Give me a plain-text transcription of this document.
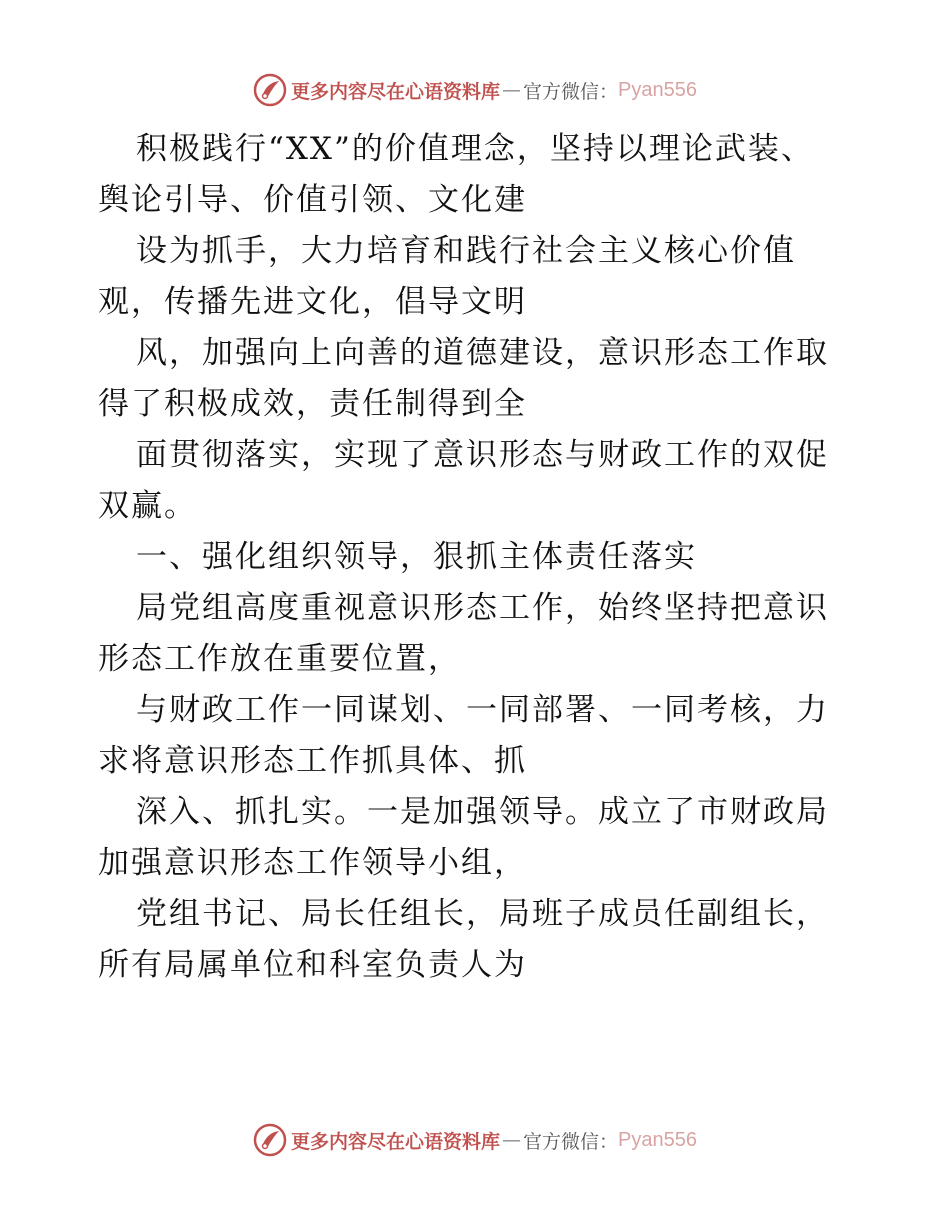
更多内容尽在心语资料库 — 官方微信： Pyan556
积极践行“XX”的价值理念，坚持以理论武装、
舆论引导、价值引领、文化建
设为抓手，大力培育和践行社会主义核心价值
观，传播先进文化，倡导文明
风，加强向上向善的道德建设，意识形态工作取
得了积极成效，责任制得到全
面贯彻落实，实现了意识形态与财政工作的双促
双赢。
一、强化组织领导，狠抓主体责任落实
局党组高度重视意识形态工作，始终坚持把意识
形态工作放在重要位置，
与财政工作一同谋划、一同部署、一同考核，力
求将意识形态工作抓具体、抓
深入、抓扎实。一是加强领导。成立了市财政局
加强意识形态工作领导小组，
党组书记、局长任组长，局班子成员任副组长，
所有局属单位和科室负责人为
更多内容尽在心语资料库 — 官方微信： Pyan556
